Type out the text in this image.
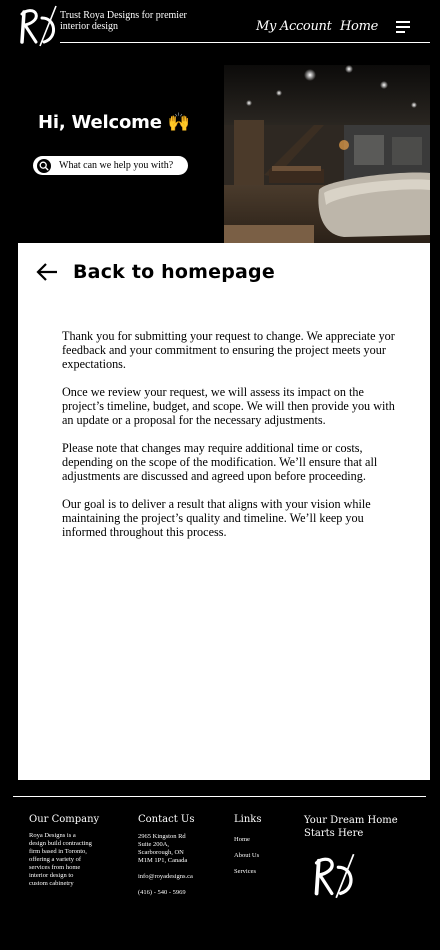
Trust Roya Designs for premier interior design	My Account Home
Hi, Welcome 🙌
What can we help you with?
Back to homepage

Thank you for submitting your request to change. We appreciate yor feedback and your commitment to ensuring the project meets your expectations.

Once we review your request, we will assess its impact on the project’s timeline, budget, and scope. We will then provide you with an update or a proposal for the necessary adjustments.

Please note that changes may require additional time or costs, depending on the scope of the modification. We’ll ensure that all adjustments are discussed and agreed upon before proceeding.

Our goal is to deliver a result that aligns with your vision while maintaining the project’s quality and timeline. We’ll keep you informed throughout this process.

Our Company
Roya Designs is a design build contracting firm based in Toronto, offering a variety of services from home interior design to custom cabinetry
Contact Us
2965 Kingston Rd
Suite 200A,
Scarborough, ON
M1M 1P1, Canada
info@royadesigns.ca
(416) - 540 - 5969
Links
Home
About Us
Services
Your Dream Home Starts Here
